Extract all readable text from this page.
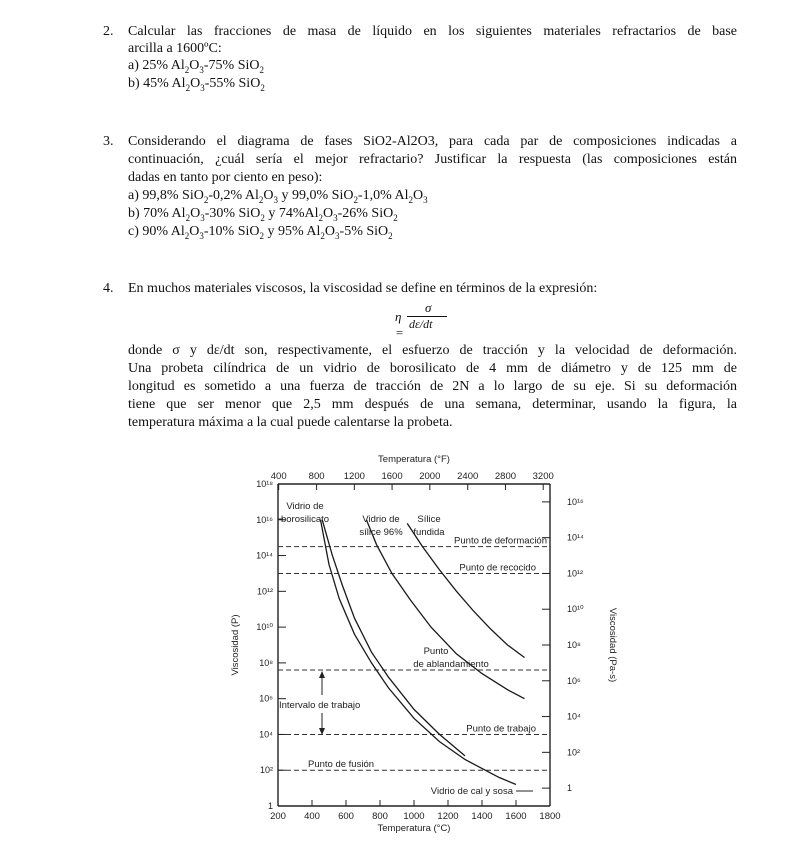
2. Calcular las fracciones de masa de líquido en los siguientes materiales refractarios de base
arcilla a 1600ºC:
a) 25% $Al_2O_3-75\%$ SiO$_2$
b) 45% $Al_2O_3-55\%$ SiO$_2$
3. Considerando el diagrama de fases SiO2-Al2O3, para cada par de composiciones indicadas a
continuación, ¿cuál sería el mejor refractario? Justificar la respuesta (las composiciones están
dadas en tanto por ciento en peso):
a) 99,8% SiO$_2$-0,2% $Al_2O_3$ y 99,0% SiO$_2$-1,0% $Al_2O_3$
b) 70% $Al_2O_3-30\%$ SiO$_2$ y $74\%Al_2O_3-26\%$ SiO$_2$
c) 90% $Al_2O_3-10\%$ SiO$_2$ y 95% $Al_2O_3-5\%$ SiO$_2$
4. En muchos materiales viscosos, la viscosidad se define en términos de la expresión:
η =
σ
dε/dt
donde σ y dε/dt son, respectivamente, el esfuerzo de tracción y la velocidad de deformación.
Una probeta cilíndrica de un vidrio de borosilicato de 4 mm de diámetro y de 125 mm de
longitud es sometido a una fuerza de tracción de 2N a lo largo de su eje. Si su deformación
tiene que ser menor que 2,5 mm después de una semana, determinar, usando la figura, la
temperatura máxima a la cual puede calentarse la probeta.
200 400 600 800 1000 1200 1400 1600 1800
400 800 1200 1600 2000 2400 2800 3200
1
10²
10⁴
10⁶
10⁸
10¹⁰
10¹²
10¹⁴
10¹⁶
10¹⁸
1
10²
10⁴
10⁶
10⁸
10¹⁰
10¹²
10¹⁴
10¹⁶
Temperatura (°F)
Temperatura (°C)
Viscosidad (P)	Viscosidad (Pa-s)
Punto de deformación
Punto de recocido
Punto de trabajo
Punto de fusión
Vidrio de
borosilicato	Vidrio de
sílice 96%
Sílice
fundida
Punto
de ablandamiento
Intervalo de trabajo
Vidrio de cal y sosa
